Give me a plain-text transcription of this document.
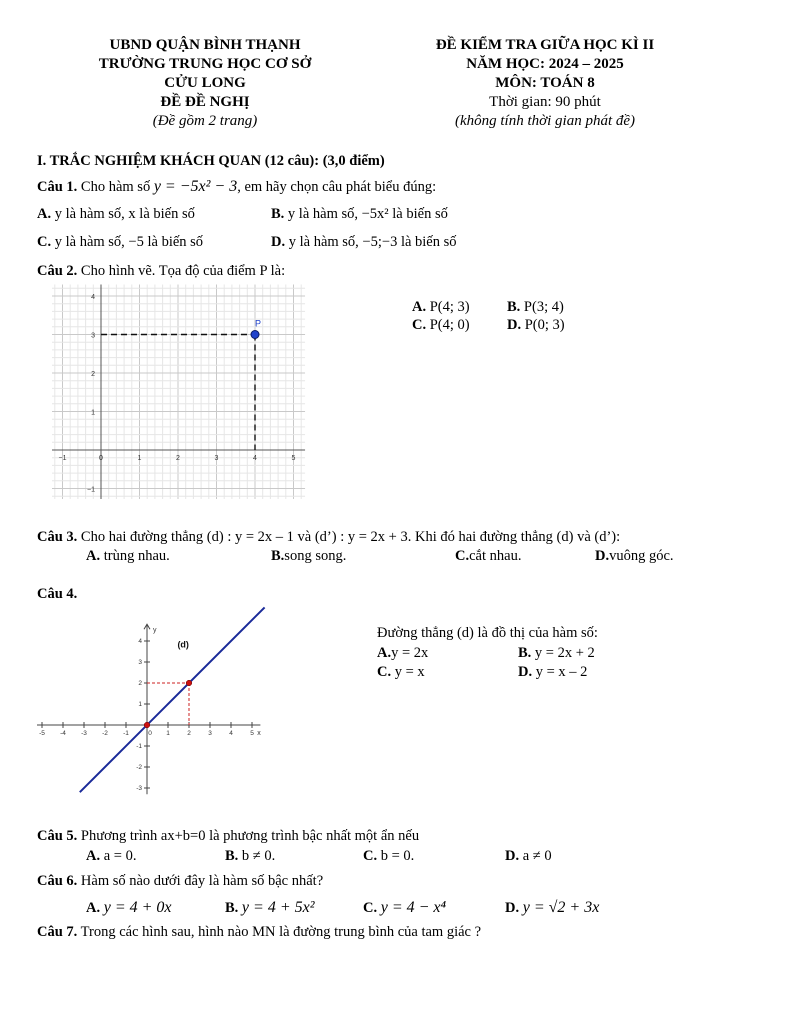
UBND QUẬN BÌNH THẠNH
TRƯỜNG TRUNG HỌC CƠ SỞ
CỬU LONG
ĐỀ ĐỀ NGHỊ
(Đề gồm 2 trang)
ĐỀ KIỂM TRA GIỮA HỌC KÌ II
NĂM HỌC: 2024 – 2025
MÔN: TOÁN 8
Thời gian: 90 phút
(không tính thời gian phát đề)
I. TRẮC NGHIỆM KHÁCH QUAN (12 câu): (3,0 điểm)
Câu 1. Cho hàm số y = −5x² − 3, em hãy chọn câu phát biểu đúng:
A. y là hàm số, x là biến số	B. y là hàm số, −5x² là biến số
C. y là hàm số, −5 là biến số	D. y là hàm số, −5;−3 là biến số
Câu 2. Cho hình vẽ. Tọa độ của điểm P là:
−1	0	1	2	3	4	5
4
3
2
1
−1
P
A. P(4; 3)	B. P(3; 4)
C. P(4; 0)	D. P(0; 3)
Câu 3. Cho hai đường thẳng (d) : y = 2x – 1 và (d’) : y = 2x + 3. Khi đó hai đường thẳng (d) và (d’):
A. trùng nhau.	B.song song.	C.cắt nhau.	D.vuông góc.
Câu 4.
-5 -4 -3 -2 -1	0 1	2	3	4	5
4
3
2
1
-1
-2
-3
y
x
(d)
Đường thẳng (d) là đồ thị của hàm số:
A.y = 2x	B. y = 2x + 2
C. y = x	D. y = x – 2
Câu 5. Phương trình ax+b=0 là phương trình bậc nhất một ẩn nếu
A. a = 0.	B. b ≠ 0.	C. b = 0.	D. a ≠ 0
Câu 6. Hàm số nào dưới đây là hàm số bậc nhất?
A. y = 4 + 0x	B. y = 4 + 5x²	C. y = 4 − x⁴	D. y = √2 + 3x
Câu 7. Trong các hình sau, hình nào MN là đường trung bình của tam giác ?
